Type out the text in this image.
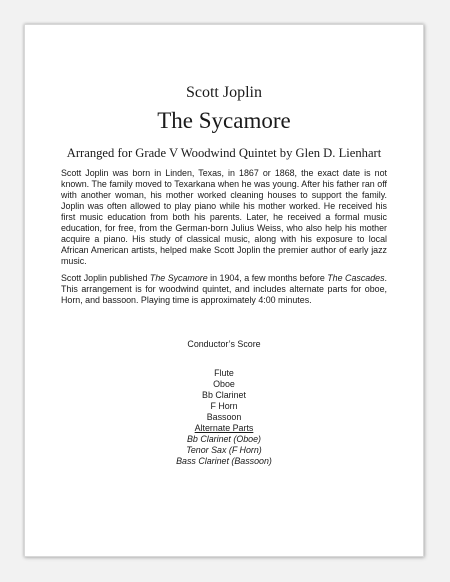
Scott Joplin
The Sycamore
Arranged for Grade V Woodwind Quintet by Glen D. Lienhart
Scott Joplin was born in Linden, Texas, in 1867 or 1868, the exact date is not known. The family moved to Texarkana when he was young. After his father ran off with another woman, his mother worked cleaning houses to support the family. Joplin was often allowed to play piano while his mother worked. He received his first music education from both his parents. Later, he received a formal music education, for free, from the German-born Julius Weiss, who also help his mother acquire a piano. His study of classical music, along with his exposure to local African American artists, helped make Scott Joplin the premier author of early jazz music.
Scott Joplin published The Sycamore in 1904, a few months before The Cascades. This arrangement is for woodwind quintet, and includes alternate parts for oboe, Horn, and bassoon. Playing time is approximately 4:00 minutes.
Conductor’s Score
Flute
Oboe
Bb Clarinet
F Horn
Bassoon
Alternate Parts
Bb Clarinet (Oboe)
Tenor Sax (F Horn)
Bass Clarinet (Bassoon)
